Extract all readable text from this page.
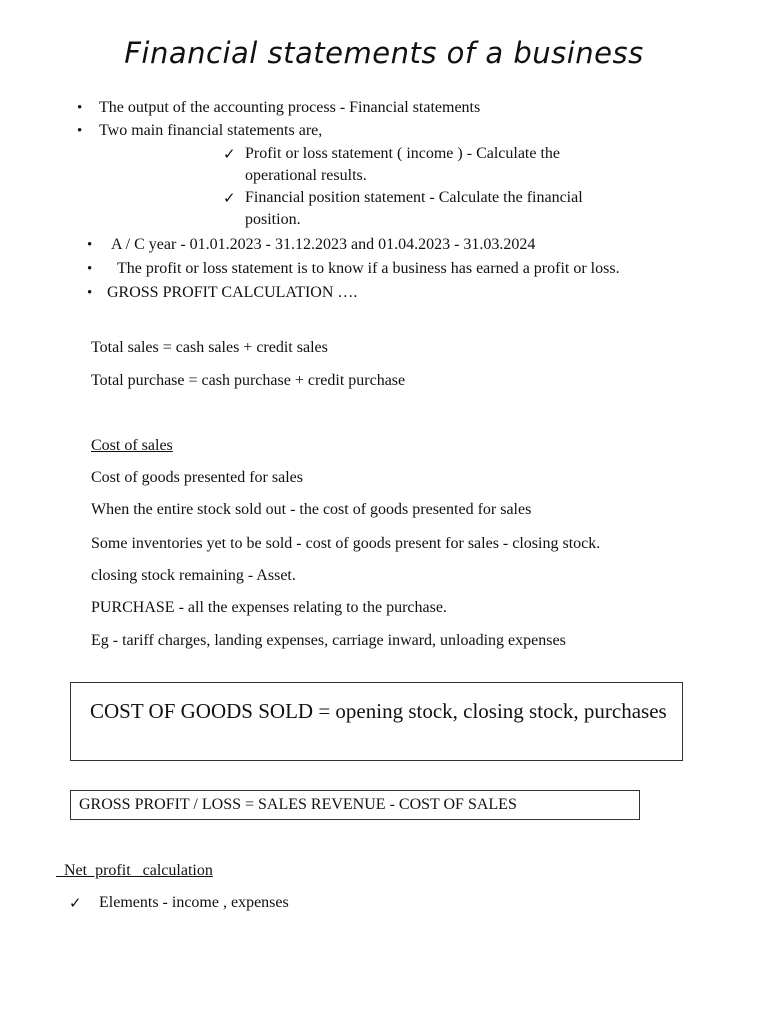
Financial statements of a business
• The output of the accounting process - Financial statements
• Two main financial statements are,
✓ Profit or loss statement ( income ) - Calculate the
operational results.
✓ Financial position statement - Calculate the financial
position.
• A / C year - 01.01.2023 - 31.12.2023 and 01.04.2023 - 31.03.2024
• The profit or loss statement is to know if a business has earned a profit or loss.
• GROSS PROFIT CALCULATION ….
Total sales = cash sales + credit sales
Total purchase = cash purchase + credit purchase
Cost of sales
Cost of goods presented for sales
When the entire stock sold out - the cost of goods presented for sales
Some inventories yet to be sold - cost of goods present for sales - closing stock.
closing stock remaining - Asset.
PURCHASE - all the expenses relating to the purchase.
Eg - tariff charges, landing expenses, carriage inward, unloading expenses
COST OF GOODS SOLD = opening stock, closing stock, purchases
GROSS PROFIT / LOSS = SALES REVENUE - COST OF SALES
Net  profit   calculation
✓ Elements - income , expenses
